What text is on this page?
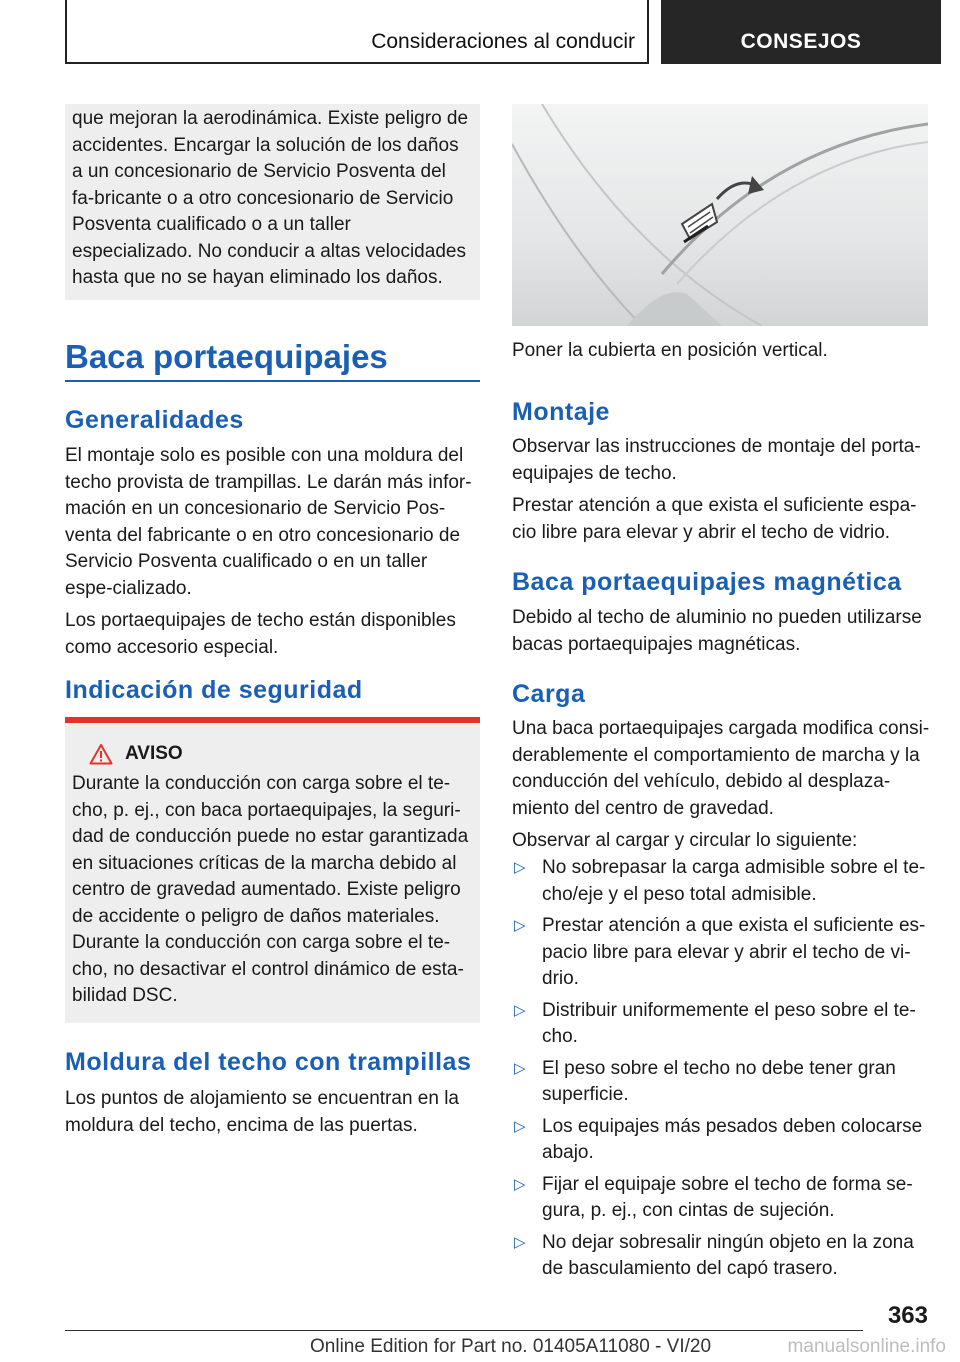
Consideraciones al conducir	CONSEJOS

que mejoran la aerodinámica. Existe peligro de accidentes. Encargar la solución de los daños a un concesionario de Servicio Posventa del fa-bricante o a otro concesionario de Servicio Posventa cualificado o a un taller especializado. No conducir a altas velocidades hasta que no se hayan eliminado los daños.

Baca portaequipajes
Generalidades

El montaje solo es posible con una moldura del techo provista de trampillas. Le darán más infor-mación en un concesionario de Servicio Pos-venta del fabricante o en otro concesionario de Servicio Posventa cualificado o en un taller espe-cializado.

Los portaequipajes de techo están disponibles como accesorio especial.

Indicación de seguridad
AVISO

Durante la conducción con carga sobre el te-cho, p. ej., con baca portaequipajes, la seguri-dad de conducción puede no estar garantizada en situaciones críticas de la marcha debido al centro de gravedad aumentado. Existe peligro de accidente o peligro de daños materiales. Durante la conducción con carga sobre el te-cho, no desactivar el control dinámico de esta-bilidad DSC.

Moldura del techo con trampillas

Los puntos de alojamiento se encuentran en la moldura del techo, encima de las puertas.

Poner la cubierta en posición vertical.

Montaje

Observar las instrucciones de montaje del porta-equipajes de techo.

Prestar atención a que exista el suficiente espa-cio libre para elevar y abrir el techo de vidrio.

Baca portaequipajes magnética

Debido al techo de aluminio no pueden utilizarse bacas portaequipajes magnéticas.

Carga

Una baca portaequipajes cargada modifica consi-derablemente el comportamiento de marcha y la conducción del vehículo, debido al desplaza-miento del centro de gravedad.

Observar al cargar y circular lo siguiente:

▷ No sobrepasar la carga admisible sobre el te-cho/eje y el peso total admisible.
▷ Prestar atención a que exista el suficiente es-pacio libre para elevar y abrir el techo de vi-drio.
▷ Distribuir uniformemente el peso sobre el te-cho.
▷ El peso sobre el techo no debe tener gran superficie.
▷ Los equipajes más pesados deben colocarse abajo.
▷ Fijar el equipaje sobre el techo de forma se-gura, p. ej., con cintas de sujeción.
▷ No dejar sobresalir ningún objeto en la zona de basculamiento del capó trasero.
363
Online Edition for Part no. 01405A11080 - VI/20	manualsonline.info
